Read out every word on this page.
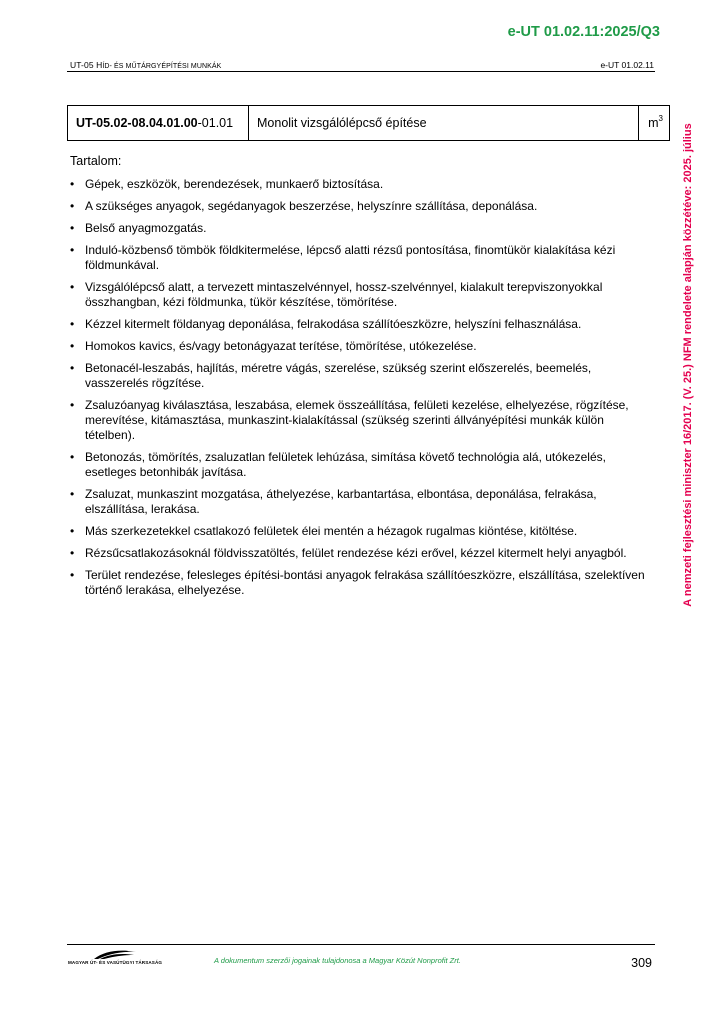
e-UT 01.02.11:2025/Q3
UT-05 HÍD- ÉS MŰTÁRGYÉPÍTÉSI MUNKÁK	e-UT 01.02.11
UT-05.02-08.04.01.00 -01.01	Monolit vizsgálólépcső építése	$m^3$
Tartalom:
• Gépek, eszközök, berendezések, munkaerő biztosítása.
• A szükséges anyagok, segédanyagok beszerzése, helyszínre szállítása, deponálása.
• Belső anyagmozgatás.
• Induló-közbenső tömbök földkitermelése, lépcső alatti rézsű pontosítása, finomtükör kialakítása kézi földmunkával.
• Vizsgálólépcső alatt, a tervezett mintaszelvénnyel, hossz-szelvénnyel, kialakult terepviszonyokkal összhangban, kézi földmunka, tükör készítése, tömörítése.
• Kézzel kitermelt földanyag deponálása, felrakodása szállítóeszközre, helyszíni felhasználása.
• Homokos kavics, és/vagy betonágyazat terítése, tömörítése, utókezelése.
• Betonacél-leszabás, hajlítás, méretre vágás, szerelése, szükség szerint előszerelés, beemelés, vasszerelés rögzítése.
• Zsaluzóanyag kiválasztása, leszabása, elemek összeállítása, felületi kezelése, elhelyezése, rögzítése, merevítése, kitámasztása, munkaszint-kialakítással (szükség szerinti állványépítési munkák külön tételben).
• Betonozás, tömörítés, zsaluzatlan felületek lehúzása, simítása követő technológia alá, utókezelés, esetleges betonhibák javítása.
• Zsaluzat, munkaszint mozgatása, áthelyezése, karbantartása, elbontása, deponálása, felrakása, elszállítása, lerakása.
• Más szerkezetekkel csatlakozó felületek élei mentén a hézagok rugalmas kiöntése, kitöltése.
• Rézsűcsatlakozásoknál földvisszatöltés, felület rendezése kézi erővel, kézzel kitermelt helyi anyagból.
• Terület rendezése, felesleges építési-bontási anyagok felrakása szállítóeszközre, elszállítása, szelektíven történő lerakása, elhelyezése.	A nemzeti fejlesztési miniszter 16/2017. (V. 25.) NFM rendelete alapján közzétéve: 2025. július
MAGYAR ÚT- ÉS VASÚTÜGYI TÁRSASÁG	A dokumentum szerzői jogainak tulajdonosa a Magyar Közút Nonprofit Zrt.	309
